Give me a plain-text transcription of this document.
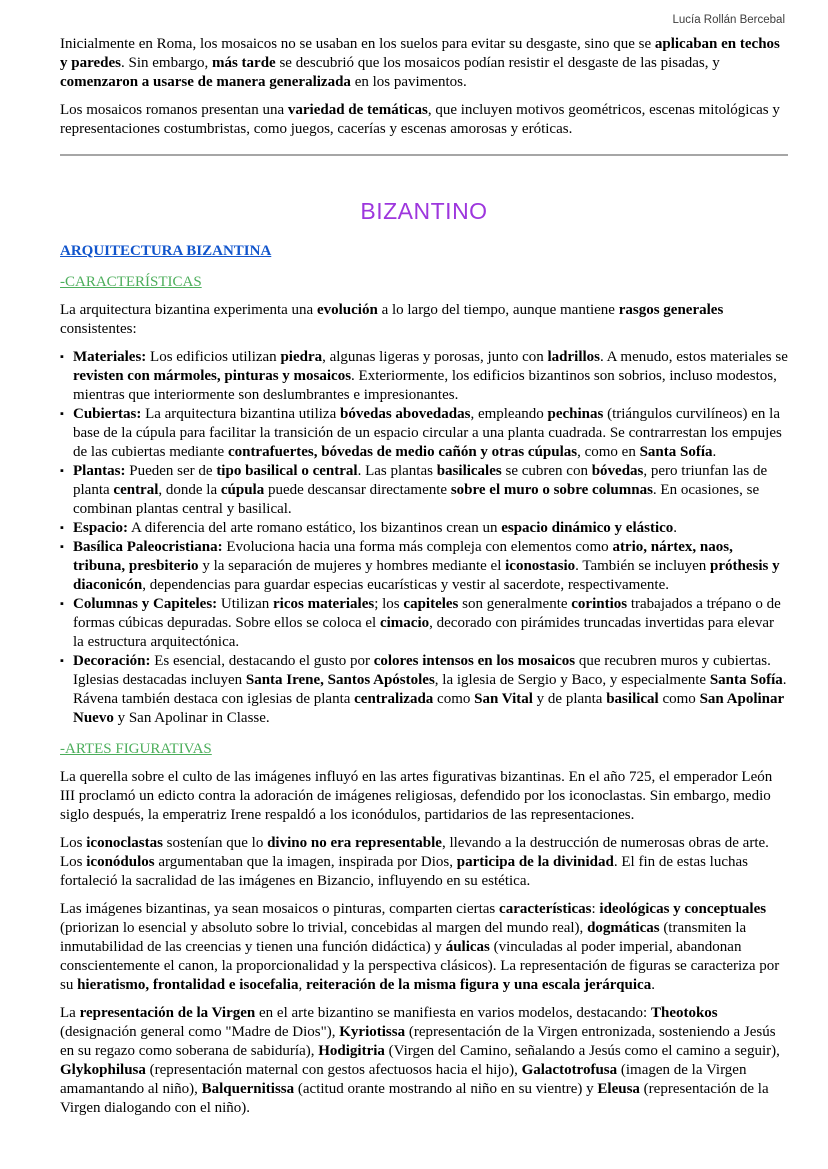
Lucía Rollán Bercebal

Inicialmente en Roma, los mosaicos no se usaban en los suelos para evitar su desgaste, sino que se aplicaban en techos y paredes. Sin embargo, más tarde se descubrió que los mosaicos podían resistir el desgaste de las pisadas, y comenzaron a usarse de manera generalizada en los pavimentos.

Los mosaicos romanos presentan una variedad de temáticas, que incluyen motivos geométricos, escenas mitológicas y representaciones costumbristas, como juegos, cacerías y escenas amorosas y eróticas.

BIZANTINO
ARQUITECTURA BIZANTINA
-CARACTERÍSTICAS

La arquitectura bizantina experimenta una evolución a lo largo del tiempo, aunque mantiene rasgos generales consistentes:

▪ Materiales: Los edificios utilizan piedra, algunas ligeras y porosas, junto con ladrillos. A menudo, estos materiales se revisten con mármoles, pinturas y mosaicos. Exteriormente, los edificios bizantinos son sobrios, incluso modestos, mientras que interiormente son deslumbrantes e impresionantes.
▪ Cubiertas: La arquitectura bizantina utiliza bóvedas abovedadas, empleando pechinas (triángulos curvilíneos) en la base de la cúpula para facilitar la transición de un espacio circular a una planta cuadrada. Se contrarrestan los empujes de las cubiertas mediante contrafuertes, bóvedas de medio cañón y otras cúpulas, como en Santa Sofía.
▪ Plantas: Pueden ser de tipo basilical o central. Las plantas basilicales se cubren con bóvedas, pero triunfan las de planta central, donde la cúpula puede descansar directamente sobre el muro o sobre columnas. En ocasiones, se combinan plantas central y basilical.
▪ Espacio: A diferencia del arte romano estático, los bizantinos crean un espacio dinámico y elástico.
▪ Basílica Paleocristiana: Evoluciona hacia una forma más compleja con elementos como atrio, nártex, naos, tribuna, presbiterio y la separación de mujeres y hombres mediante el iconostasio. También se incluyen próthesis y diaconicón, dependencias para guardar especias eucarísticas y vestir al sacerdote, respectivamente.
▪ Columnas y Capiteles: Utilizan ricos materiales; los capiteles son generalmente corintios trabajados a trépano o de formas cúbicas depuradas. Sobre ellos se coloca el cimacio, decorado con pirámides truncadas invertidas para elevar la estructura arquitectónica.
▪ Decoración: Es esencial, destacando el gusto por colores intensos en los mosaicos que recubren muros y cubiertas. Iglesias destacadas incluyen Santa Irene, Santos Apóstoles, la iglesia de Sergio y Baco, y especialmente Santa Sofía. Rávena también destaca con iglesias de planta centralizada como San Vital y de planta basilical como San Apolinar Nuevo y San Apolinar in Classe.
-ARTES FIGURATIVAS

La querella sobre el culto de las imágenes influyó en las artes figurativas bizantinas. En el año 725, el emperador León III proclamó un edicto contra la adoración de imágenes religiosas, defendido por los iconoclastas. Sin embargo, medio siglo después, la emperatriz Irene respaldó a los iconódulos, partidarios de las representaciones.

Los iconoclastas sostenían que lo divino no era representable, llevando a la destrucción de numerosas obras de arte. Los iconódulos argumentaban que la imagen, inspirada por Dios, participa de la divinidad. El fin de estas luchas fortaleció la sacralidad de las imágenes en Bizancio, influyendo en su estética.

Las imágenes bizantinas, ya sean mosaicos o pinturas, comparten ciertas características: ideológicas y conceptuales (priorizan lo esencial y absoluto sobre lo trivial, concebidas al margen del mundo real), dogmáticas (transmiten la inmutabilidad de las creencias y tienen una función didáctica) y áulicas (vinculadas al poder imperial, abandonan conscientemente el canon, la proporcionalidad y la perspectiva clásicos). La representación de figuras se caracteriza por su hieratismo, frontalidad e isocefalia, reiteración de la misma figura y una escala jerárquica.

La representación de la Virgen en el arte bizantino se manifiesta en varios modelos, destacando: Theotokos (designación general como "Madre de Dios"), Kyriotissa (representación de la Virgen entronizada, sosteniendo a Jesús en su regazo como soberana de sabiduría), Hodigitria (Virgen del Camino, señalando a Jesús como el camino a seguir), Glykophilusa (representación maternal con gestos afectuosos hacia el hijo), Galactotrofusa (imagen de la Virgen amamantando al niño), Balquernitissa (actitud orante mostrando al niño en su vientre) y Eleusa (representación de la Virgen dialogando con el niño).
